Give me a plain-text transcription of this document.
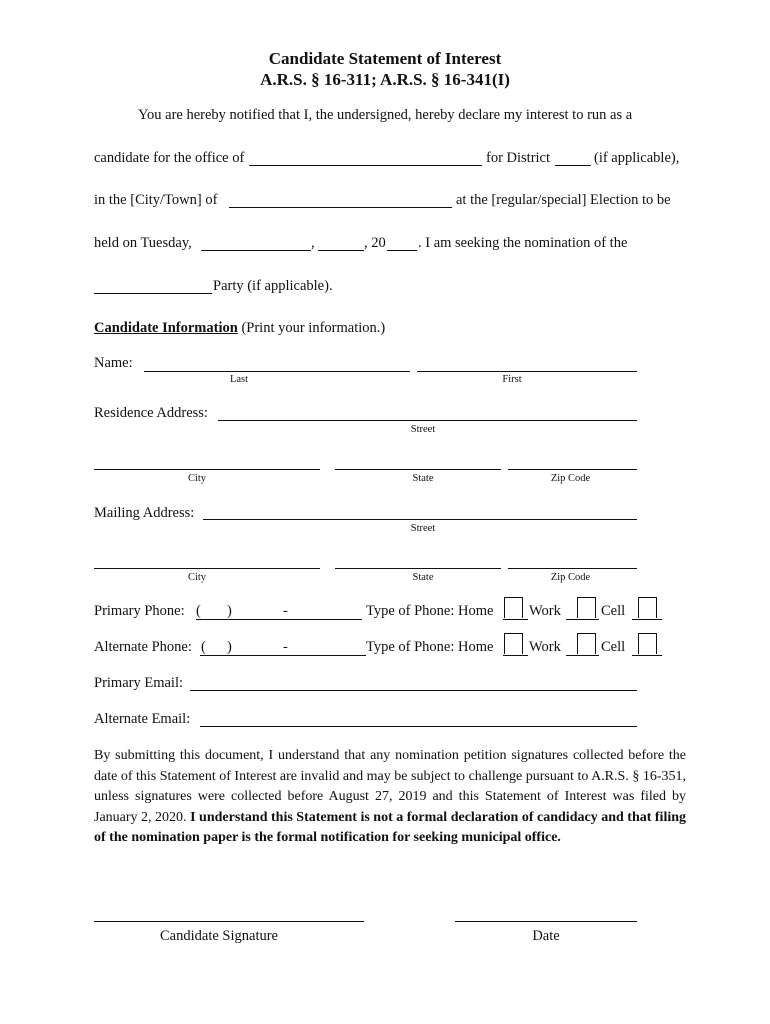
Candidate Statement of Interest
A.R.S. § 16-311; A.R.S. § 16-341(I)
You are hereby notified that I, the undersigned, hereby declare my interest to run as a
candidate for the office of	for District	(if applicable),
in the [City/Town] of	at the [regular/special] Election to be
held on Tuesday,	,	, 20 . I am seeking the nomination of the
Party (if applicable).
Candidate Information (Print your information.)
Name:
Last	First
Residence Address:
Street
City	State	Zip Code
Mailing Address:
Street
City	State	Zip Code
Primary Phone: ( )	-	Type of Phone: Home Work	Cell
Alternate Phone: ( )	-	Type of Phone: Home Work	Cell
Primary Email:
Alternate Email:
By submitting this document, I understand that any nomination petition signatures collected before the date of this Statement of Interest are invalid and may be subject to challenge pursuant to A.R.S. § 16-351, unless signatures were collected before August 27, 2019 and this Statement of Interest was filed by January 2, 2020. I understand this Statement is not a formal declaration of candidacy and that filing of the nomination paper is the formal notification for seeking municipal office.
Candidate Signature	Date
